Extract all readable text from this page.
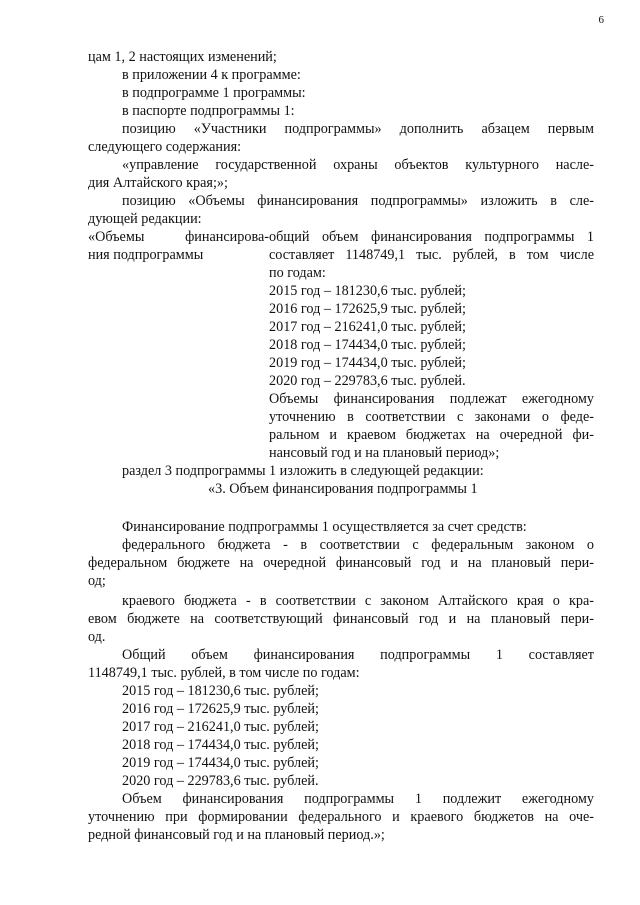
6
цам 1, 2 настоящих изменений;
в приложении 4 к программе:
в подпрограмме 1 программы:
в паспорте подпрограммы 1:
позицию «Участники подпрограммы» дополнить абзацем первым
следующего содержания:
«управление государственной охраны объектов культурного насле-
дия Алтайского края;»;
позицию «Объемы финансирования подпрограммы» изложить в сле-
дующей редакции:
«Объемы финансирова-
ния подпрограммы
общий объем финансирования подпрограммы 1
составляет 1148749,1 тыс. рублей, в том числе
по годам:
2015 год – 181230,6 тыс. рублей;
2016 год – 172625,9 тыс. рублей;
2017 год – 216241,0 тыс. рублей;
2018 год – 174434,0 тыс. рублей;
2019 год – 174434,0 тыс. рублей;
2020 год – 229783,6 тыс. рублей.
Объемы финансирования подлежат ежегодному
уточнению в соответствии с законами о феде-
ральном и краевом бюджетах на очередной фи-
нансовый год и на плановый период»;
раздел 3 подпрограммы 1 изложить в следующей редакции:
«3. Объем финансирования подпрограммы 1
Финансирование подпрограммы 1 осуществляется за счет средств:
федерального бюджета - в соответствии с федеральным законом о
федеральном бюджете на очередной финансовый год и на плановый пери-
од;
краевого бюджета - в соответствии с законом Алтайского края о кра-
евом бюджете на соответствующий финансовый год и на плановый пери-
од.
Общий объем финансирования подпрограммы 1 составляет
1148749,1 тыс. рублей, в том числе по годам:
2015 год – 181230,6 тыс. рублей;
2016 год – 172625,9 тыс. рублей;
2017 год – 216241,0 тыс. рублей;
2018 год – 174434,0 тыс. рублей;
2019 год – 174434,0 тыс. рублей;
2020 год – 229783,6 тыс. рублей.
Объем финансирования подпрограммы 1 подлежит ежегодному
уточнению при формировании федерального и краевого бюджетов на оче-
редной финансовый год и на плановый период.»;
